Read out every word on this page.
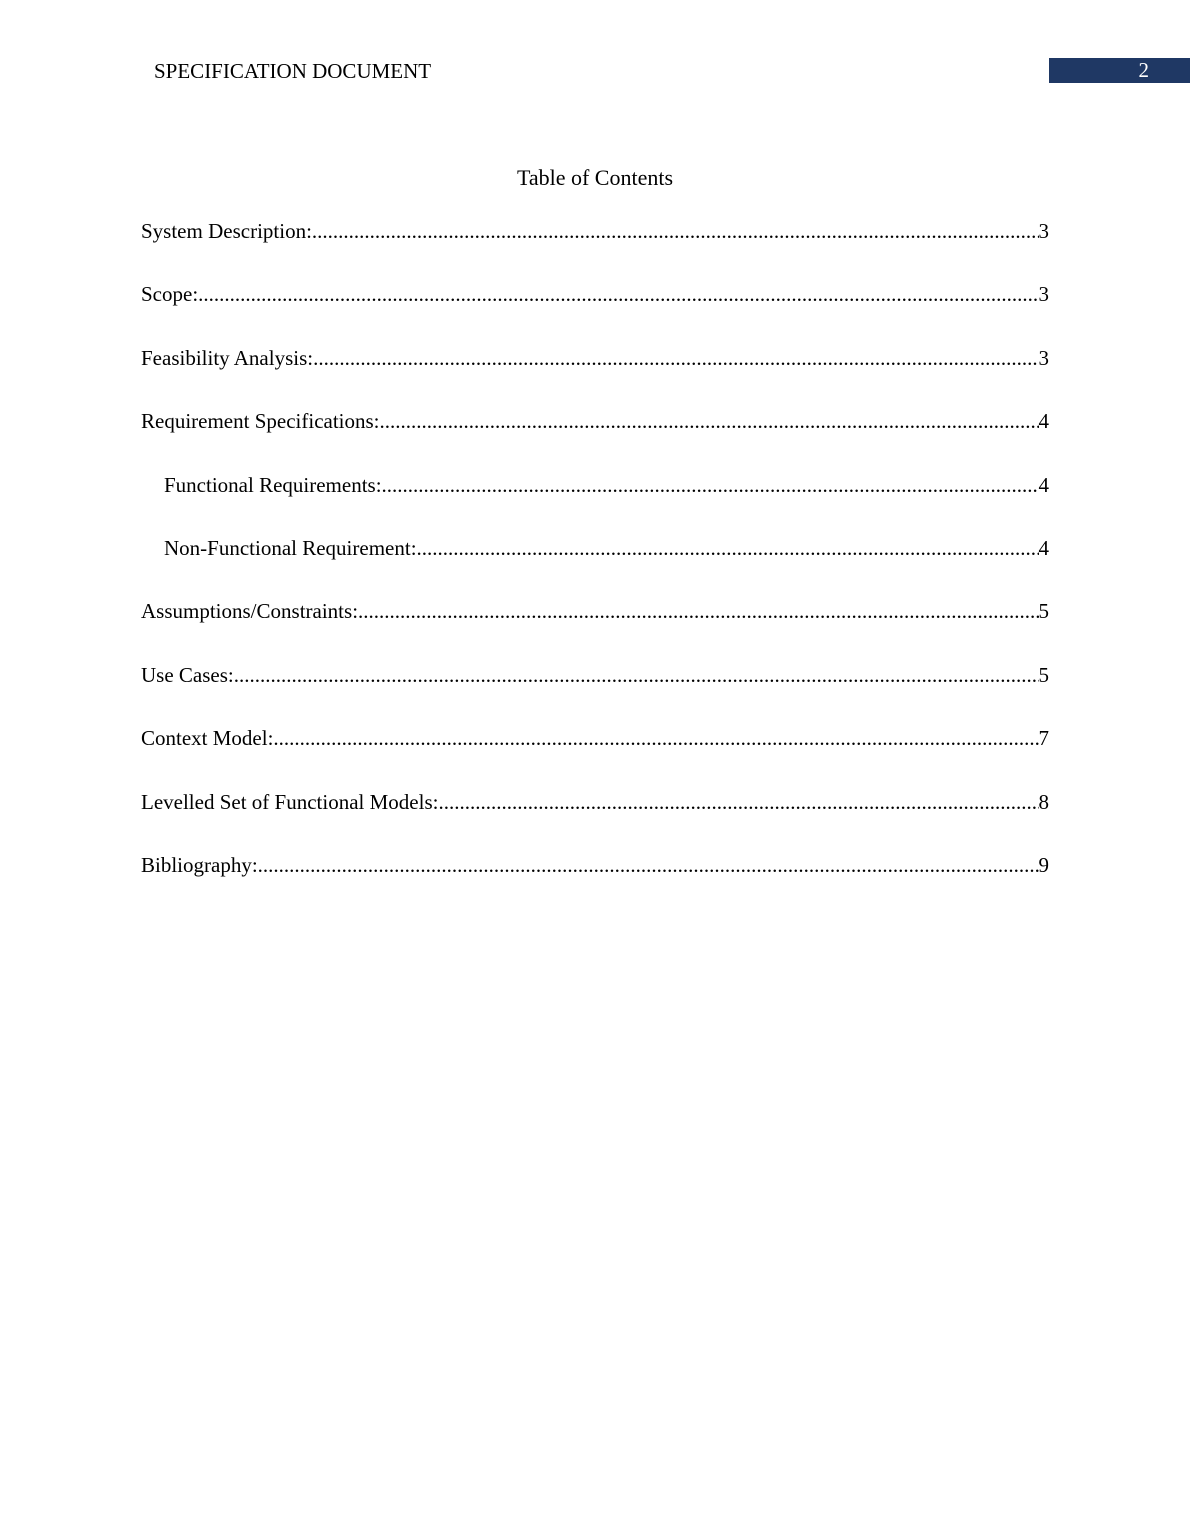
SPECIFICATION DOCUMENT	2
Table of Contents
System Description: .....	3
Scope: .....	3
Feasibility Analysis: .....	3
Requirement Specifications: .....	4
Functional Requirements: .....	4
Non-Functional Requirement: .....	4
Assumptions/Constraints: .....	5
Use Cases: .....	5
Context Model: .....	7
Levelled Set of Functional Models: .....	8
Bibliography: .....	9
